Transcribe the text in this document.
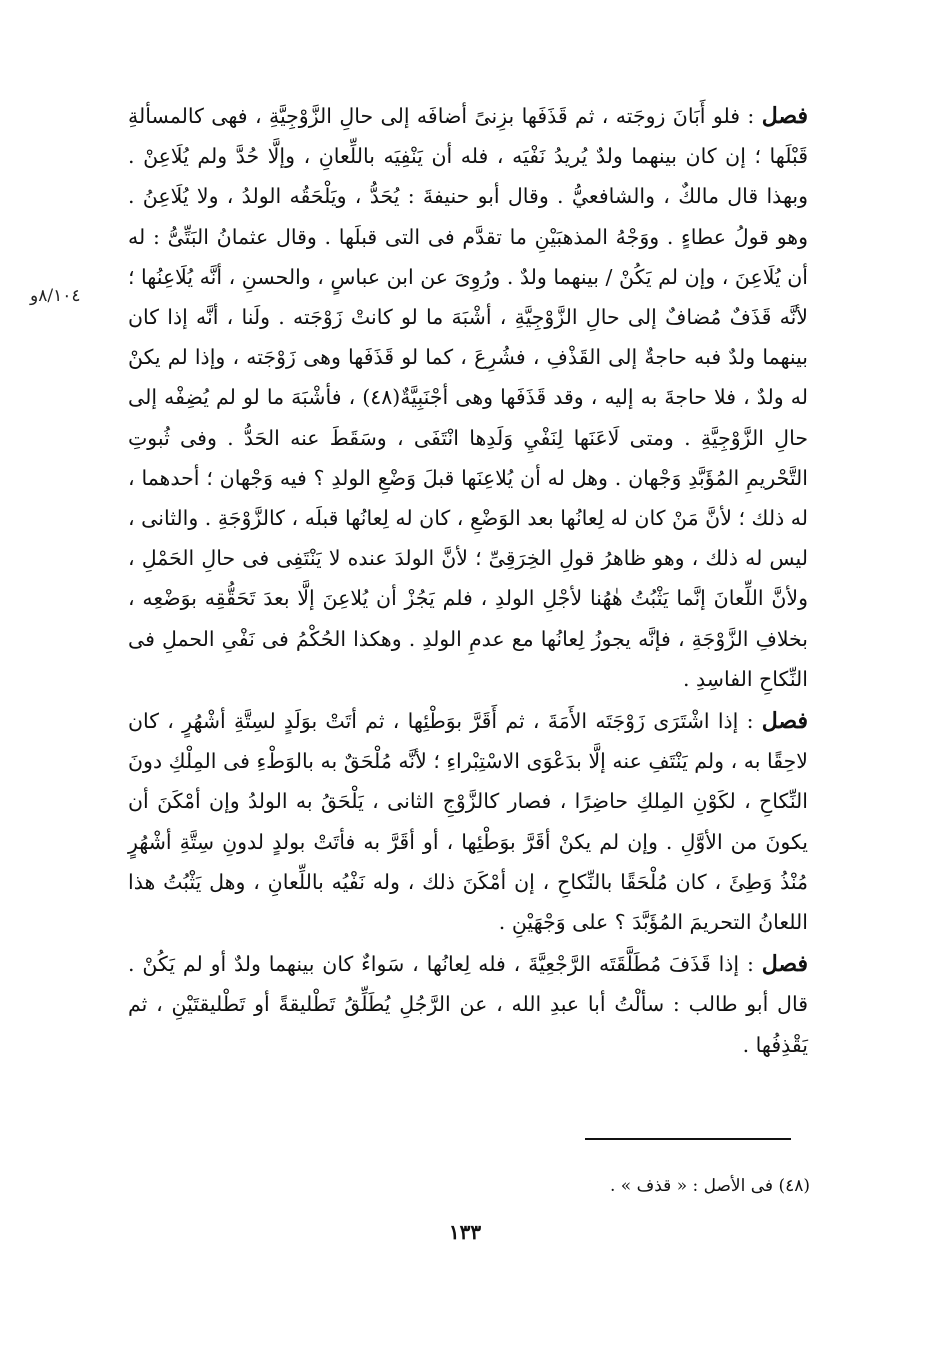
فصل : فلو أَبَانَ زوجَته ، ثم قَذَفَها بزِنىً أضافَه إلى حالِ الزَّوْجِيَّةِ ، فهى كالمسألةِ قَبْلَها ؛ إن كان بينهما ولدٌ يُريدُ نَفْيَه ، فله أن يَنْفِيَه باللِّعانِ ، وإلَّا حُدَّ ولم يُلَاعِنْ . وبهذا قال مالكٌ ، والشافعيُّ . وقال أبو حنيفةَ : يُحَدُّ ، ويَلْحَقُه الولدُ ، ولا يُلَاعِنُ . وهو قولُ عطاءٍ . ووَجْهُ المذهبَيْنِ ما تقدَّم فى التى قبلَها . وقال عثمانُ البَتِّىُّ : له أن يُلَاعِنَ ، وإن لم يَكُنْ / بينهما ولدٌ . ورُوِىَ عن ابن عباسٍ ، والحسنِ ، أنَّه يُلَاعِنُها ؛ لأنَّه قَذَفٌ مُضافٌ إلى حالِ الزَّوْجِيَّةِ ، أشْبَهَ ما لو كانتْ زَوْجَته . ولَنا ، أنَّه إذا كان بينهما ولدٌ فبه حاجةٌ إلى القَذْفِ ، فشُرِعَ ، كما لو قَذَفَها وهى زَوْجَته ، وإذا لم يكنْ له ولدٌ ، فلا حاجةَ به إليه ، وقد قَذَفَها وهى أجْنَبِيَّةٌ(٤٨) ، فأشْبَهَ ما لو لم يُضِفْه إلى حالِ الزَّوْجِيَّةِ . ومتى لَاعَنَها لِنَفْيِ وَلَدِها انْتَفَى ، وسَقَطَ عنه الحَدُّ . وفى ثُبوتِ التَّحْريمِ المُؤَبَّدِ وَجْهان . وهل له أن يُلاعِنَها قبلَ وَضْعِ الولدِ ؟ فيه وَجْهان ؛ أحدهما ، له ذلك ؛ لأنَّ مَنْ كان له لِعانُها بعد الوَضْعِ ، كان له لِعانُها قبلَه ، كالزَّوْجَةِ . والثانى ، ليس له ذلك ، وهو ظاهرُ قولِ الخِرَقِىِّ ؛ لأنَّ الولدَ عنده لا يَنْتَفِى فى حالِ الحَمْلِ ، ولأنَّ اللِّعانَ إنَّما يَثْبُتُ هٰهُنا لأجْلِ الولدِ ، فلم يَجُزْ أن يُلاعِنَ إلَّا بعدَ تَحَقُّقِه بوَضْعِه ، بخلافِ الزَّوْجَةِ ، فإنَّه يجوزُ لِعانُها مع عدمِ الولدِ . وهكذا الحُكْمُ فى نَفْىِ الحملِ فى النِّكاحِ الفاسِدِ .

فصل : إذا اشْتَرَى زَوْجَتَه الأَمَةَ ، ثم أَقَرَّ بوَطْئِها ، ثم أتَتْ بوَلَدٍ لسِتَّةِ أشْهُرٍ ، كان لاحِقًا به ، ولم يَنْتَفِ عنه إلَّا بدَعْوَى الاسْتِبْراءِ ؛ لأنَّه مُلْحَقٌ به بالوَطْءِ فى المِلْكِ دونَ النِّكاحِ ، لكَوْنِ المِلكِ حاضِرًا ، فصار كالزَّوْجِ الثانى ، يَلْحَقُ به الولدُ وإن أمْكَنَ أن يكونَ من الأوَّلِ . وإن لم يكنْ أقَرَّ بوَطْئِها ، أو أقَرَّ به فأتَتْ بولدٍ لدونِ سِتَّةِ أشْهُرٍ مُنْذُ وَطِئَ ، كان مُلْحَقًا بالنِّكاحِ ، إن أمْكَنَ ذلك ، وله نَفْيُه باللِّعانِ ، وهل يَثْبُتُ هذا اللعانُ التحريمَ المُؤَبَّدَ ؟ على وَجْهَيْنِ .

فصل : إذا قَذَفَ مُطَلَّقَتَه الرَّجْعِيَّةَ ، فله لِعانُها ، سَواءٌ كان بينهما ولدٌ أو لم يَكُنْ . قال أبو طالب : سألْتُ أبا عبدِ الله ، عن الرَّجُلِ يُطَلِّقُ تَطْليقةً أو تَطْليقتَيْنِ ، ثم يَقْذِفُها .

٨/١٠٤و
(٤٨) فى الأصل : « قذف » .
١٣٣
